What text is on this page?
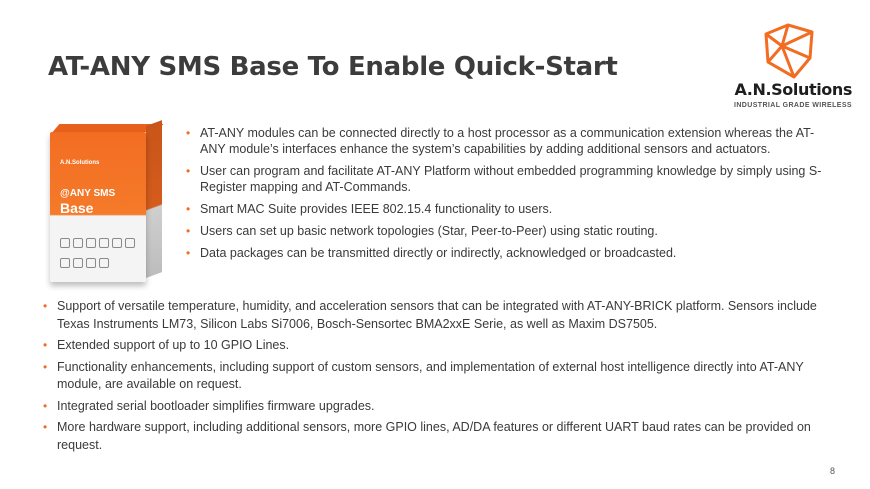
AT-ANY SMS Base To Enable Quick-Start
A.N.Solutions
INDUSTRIAL GRADE WIRELESS
A.N.Solutions
@ANY SMS
Base
• AT-ANY modules can be connected directly to a host processor as a communication extension whereas the AT-ANY module’s interfaces enhance the system’s capabilities by adding additional sensors and actuators.
• User can program and facilitate AT-ANY Platform without embedded programming knowledge by simply using S-Register mapping and AT-Commands.
• Smart MAC Suite provides IEEE 802.15.4 functionality to users.
• Users can set up basic network topologies (Star, Peer-to-Peer) using static routing.
• Data packages can be transmitted directly or indirectly, acknowledged or broadcasted.
• Support of versatile temperature, humidity, and acceleration sensors that can be integrated with AT-ANY-BRICK platform. Sensors include Texas Instruments LM73, Silicon Labs Si7006, Bosch-Sensortec BMA2xxE Serie, as well as Maxim DS7505.
• Extended support of up to 10 GPIO Lines.
• Functionality enhancements, including support of custom sensors, and implementation of external host intelligence directly into AT-ANY module, are available on request.
• Integrated serial bootloader simplifies firmware upgrades.
• More hardware support, including additional sensors, more GPIO lines, AD/DA features or different UART baud rates can be provided on request.
8
